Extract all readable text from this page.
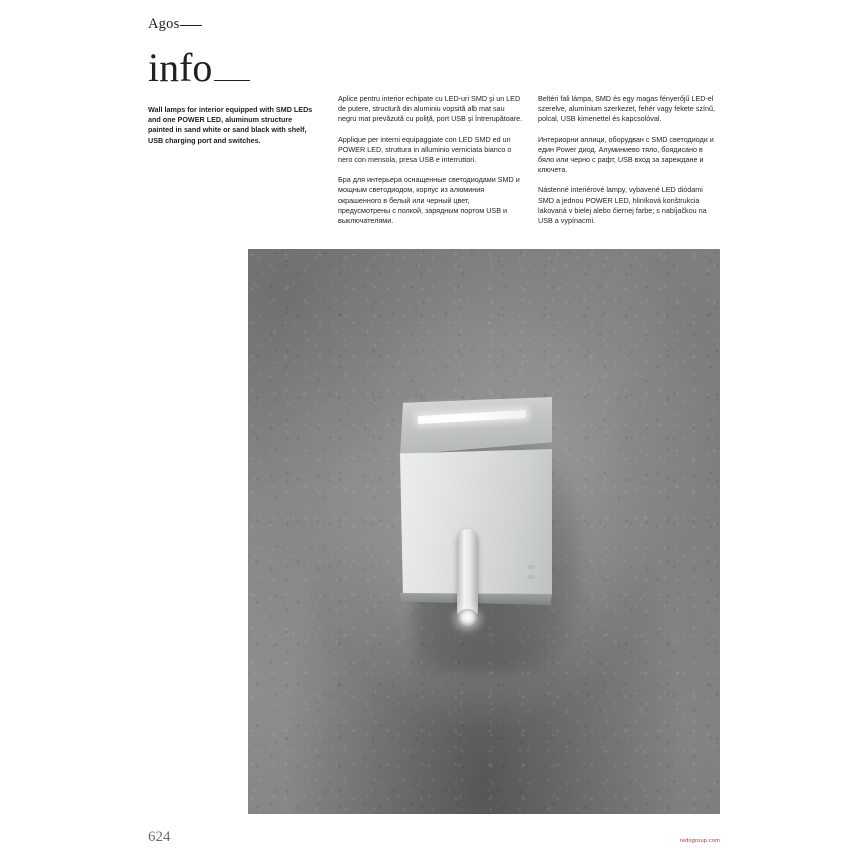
Agos
info

Wall lamps for interior equipped with SMD LEDs and one POWER LED, aluminum structure painted in sand white or sand black with shelf, USB charging port and switches.

Aplice pentru interior echipate cu LED-uri SMD şi un LED de putere, structură din aluminiu vopsită alb mat sau negru mat prevăzută cu poliţă, port USB şi întrerupătoare.

Applique per interni equipaggiate con LED SMD ed un POWER LED, struttura in alluminio verniciata bianco o nero con mensola, presa USB e interruttori.

Бра для интерьера оснащенные светодиодами SMD и мощным светодиодом, корпус из алюминия окрашенного в белый или черный цвет, предусмотрены с полкой, зарядным портом USB и выключателями.

Beltéri fali lámpa, SMD és egy magas fényerőjű LED-el szerelve, alumínium szerkezet, fehér vagy fekete színű, polcal, USB kimenettel és kapcsolóval.

Интериорни аплици, оборудван с SMD светодиоди и един Power диод. Алуминиево тяло, боядисано в бяло или черно с рафт, USB вход за зареждане и ключета.

Nástenné interiérové lampy, vybavené LED diódami SMD a jednou POWER LED, hliníková konštrukcia lakovaná v bielej alebo čiernej farbe; s nabíjačkou na USB a vypínacmi.

624	redogroup.com
